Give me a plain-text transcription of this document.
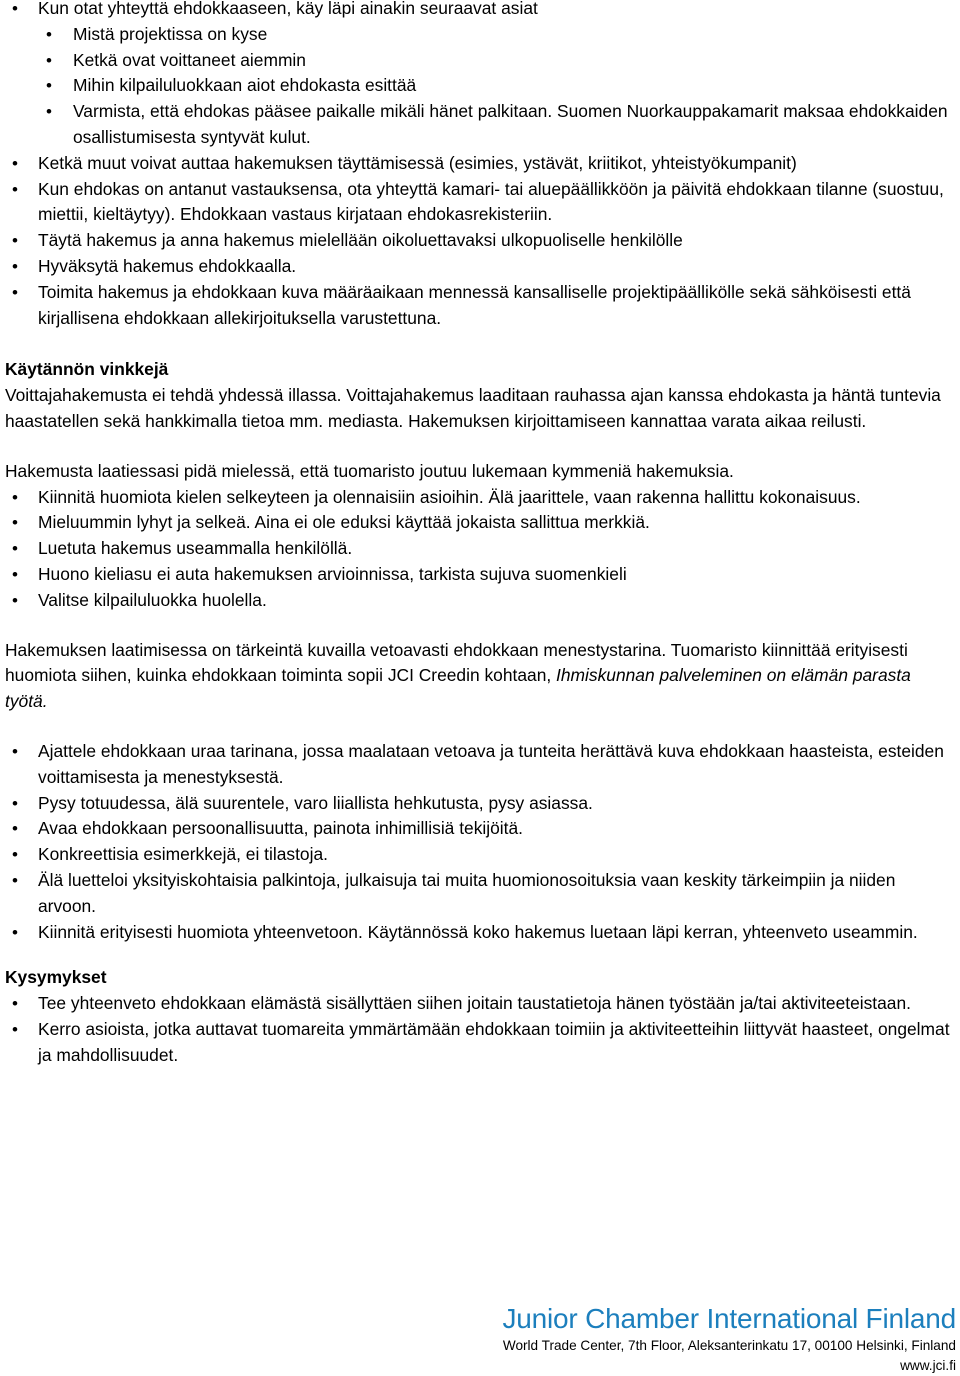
• Kun otat yhteyttä ehdokkaaseen, käy läpi ainakin seuraavat asiat
• Mistä projektissa on kyse
• Ketkä ovat voittaneet aiemmin
• Mihin kilpailuluokkaan aiot ehdokasta esittää
• Varmista, että ehdokas pääsee paikalle mikäli hänet palkitaan. Suomen Nuorkauppakamarit maksaa ehdokkaiden osallistumisesta syntyvät kulut.
• Ketkä muut voivat auttaa hakemuksen täyttämisessä (esimies, ystävät, kriitikot, yhteistyökumpanit)
• Kun ehdokas on antanut vastauksensa, ota yhteyttä kamari- tai aluepäällikköön ja päivitä ehdokkaan tilanne (suostuu, miettii, kieltäytyy). Ehdokkaan vastaus kirjataan ehdokasrekisteriin.
• Täytä hakemus ja anna hakemus mielellään oikoluettavaksi ulkopuoliselle henkilölle
• Hyväksytä hakemus ehdokkaalla.
• Toimita hakemus ja ehdokkaan kuva määräaikaan mennessä kansalliselle projektipäällikölle sekä sähköisesti että kirjallisena ehdokkaan allekirjoituksella varustettuna.
Käytännön vinkkejä

Voittajahakemusta ei tehdä yhdessä illassa. Voittajahakemus laaditaan rauhassa ajan kanssa ehdokasta ja häntä tuntevia haastatellen sekä hankkimalla tietoa mm. mediasta. Hakemuksen kirjoittamiseen kannattaa varata aikaa reilusti.

Hakemusta laatiessasi pidä mielessä, että tuomaristo joutuu lukemaan kymmeniä hakemuksia.

• Kiinnitä huomiota kielen selkeyteen ja olennaisiin asioihin. Älä jaarittele, vaan rakenna hallittu kokonaisuus.
• Mieluummin lyhyt ja selkeä. Aina ei ole eduksi käyttää jokaista sallittua merkkiä.
• Luetuta hakemus useammalla henkilöllä.
• Huono kieliasu ei auta hakemuksen arvioinnissa, tarkista sujuva suomenkieli
• Valitse kilpailuluokka huolella.

Hakemuksen laatimisessa on tärkeintä kuvailla vetoavasti ehdokkaan menestystarina. Tuomaristo kiinnittää erityisesti huomiota siihen, kuinka ehdokkaan toiminta sopii JCI Creedin kohtaan, Ihmiskunnan palveleminen on elämän parasta työtä.

• Ajattele ehdokkaan uraa tarinana, jossa maalataan vetoava ja tunteita herättävä kuva ehdokkaan haasteista, esteiden voittamisesta ja menestyksestä.
• Pysy totuudessa, älä suurentele, varo liiallista hehkutusta, pysy asiassa.
• Avaa ehdokkaan persoonallisuutta, painota inhimillisiä tekijöitä.
• Konkreettisia esimerkkejä, ei tilastoja.
• Älä luetteloi yksityiskohtaisia palkintoja, julkaisuja tai muita huomionosoituksia vaan keskity tärkeimpiin ja niiden arvoon.
• Kiinnitä erityisesti huomiota yhteenvetoon. Käytännössä koko hakemus luetaan läpi kerran, yhteenveto useammin.
Kysymykset
• Tee yhteenveto ehdokkaan elämästä sisällyttäen siihen joitain taustatietoja hänen työstään ja/tai aktiviteeteistaan.
• Kerro asioista, jotka auttavat tuomareita ymmärtämään ehdokkaan toimiin ja aktiviteetteihin liittyvät haasteet, ongelmat ja mahdollisuudet.
Junior Chamber International Finland
World Trade Center, 7th Floor, Aleksanterinkatu 17, 00100 Helsinki, Finland
www.jci.fi
